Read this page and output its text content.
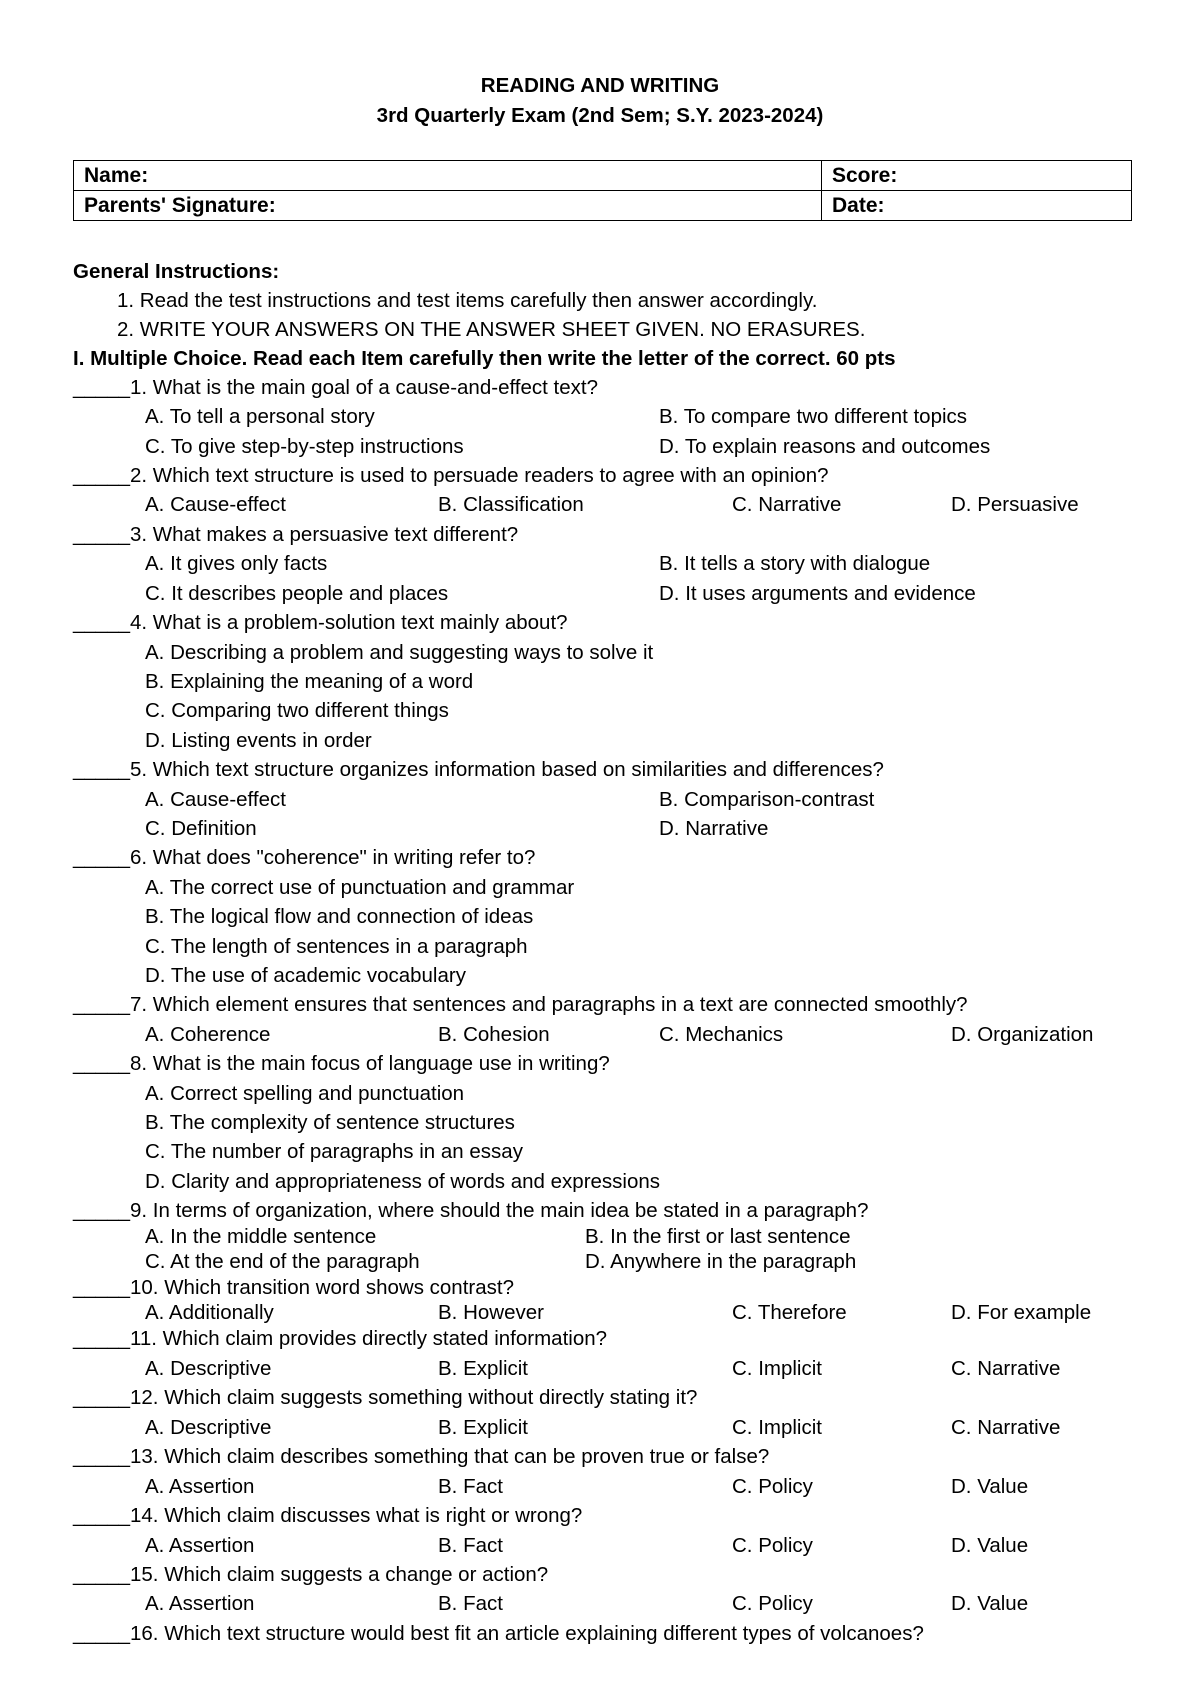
READING AND WRITING
3rd Quarterly Exam (2nd Sem; S.Y. 2023-2024)
Name:	Score:
Parents' Signature:	Date:
General Instructions:
1. Read the test instructions and test items carefully then answer accordingly.
2. WRITE YOUR ANSWERS ON THE ANSWER SHEET GIVEN. NO ERASURES.
I. Multiple Choice. Read each Item carefully then write the letter of the correct. 60 pts
_____1. What is the main goal of a cause-and-effect text?
A. To tell a personal story	B. To compare two different topics
C. To give step-by-step instructions	D. To explain reasons and outcomes
_____2. Which text structure is used to persuade readers to agree with an opinion?
A. Cause-effect	B. Classification	C. Narrative	D. Persuasive
_____3. What makes a persuasive text different?
A. It gives only facts	B. It tells a story with dialogue
C. It describes people and places	D. It uses arguments and evidence
_____4. What is a problem-solution text mainly about?
A. Describing a problem and suggesting ways to solve it
B. Explaining the meaning of a word
C. Comparing two different things
D. Listing events in order
_____5. Which text structure organizes information based on similarities and differences?
A. Cause-effect	B. Comparison-contrast
C. Definition	D. Narrative
_____6. What does "coherence" in writing refer to?
A. The correct use of punctuation and grammar
B. The logical flow and connection of ideas
C. The length of sentences in a paragraph
D. The use of academic vocabulary
_____7. Which element ensures that sentences and paragraphs in a text are connected smoothly?
A. Coherence	B. Cohesion	C. Mechanics	D. Organization
_____8. What is the main focus of language use in writing?
A. Correct spelling and punctuation
B. The complexity of sentence structures
C. The number of paragraphs in an essay
D. Clarity and appropriateness of words and expressions
_____9. In terms of organization, where should the main idea be stated in a paragraph?
A. In the middle sentence	B. In the first or last sentence
C. At the end of the paragraph	D. Anywhere in the paragraph
_____10. Which transition word shows contrast?
A. Additionally	B. However	C. Therefore	D. For example
_____11. Which claim provides directly stated information?
A. Descriptive	B. Explicit	C. Implicit	C. Narrative
_____12. Which claim suggests something without directly stating it?
A. Descriptive	B. Explicit	C. Implicit	C. Narrative
_____13. Which claim describes something that can be proven true or false?
A. Assertion	B. Fact	C. Policy	D. Value
_____14. Which claim discusses what is right or wrong?
A. Assertion	B. Fact	C. Policy	D. Value
_____15. Which claim suggests a change or action?
A. Assertion	B. Fact	C. Policy	D. Value
_____16. Which text structure would best fit an article explaining different types of volcanoes?
